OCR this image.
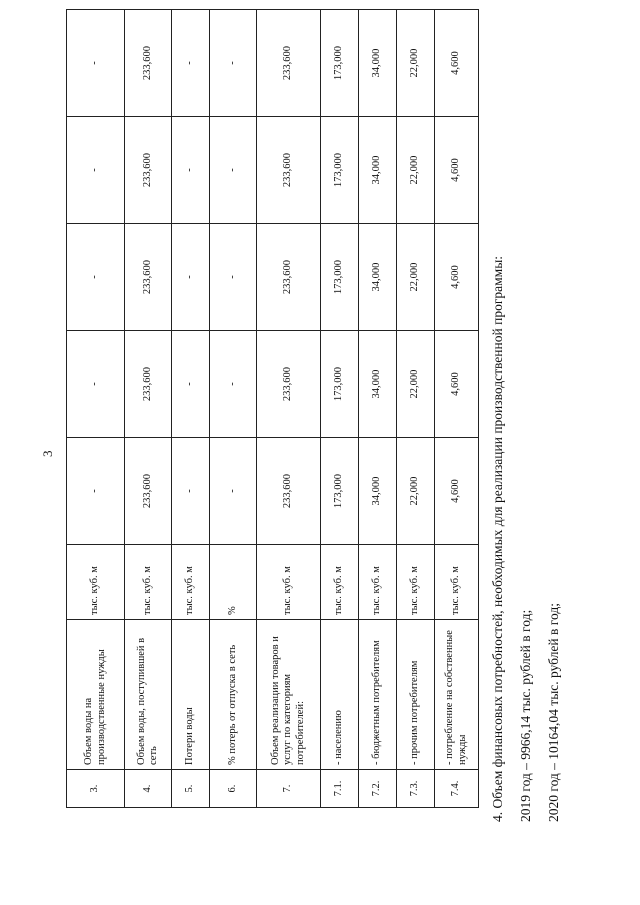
3
3.	Объем воды на производственные нужды	тыс. куб. м	-	-	-	-	-
4.	Объем воды, поступившей в сеть	тыс. куб. м	233,600	233,600	233,600	233,600	233,600
5.	Потери воды	тыс. куб. м	-	-	-	-	-
6.	% потерь от отпуска в сеть	%	-	-	-	-	-
7.	Объем реализации товаров и услуг по категориям потребителей:	тыс. куб. м	233,600	233,600	233,600	233,600	233,600
7.1.	- населению	тыс. куб. м	173,000	173,000	173,000	173,000	173,000
7.2.	- бюджетным потребителям	тыс. куб. м	34,000	34,000	34,000	34,000	34,000
7.3.	- прочим потребителям	тыс. куб. м	22,000	22,000	22,000	22,000	22,000
7.4.	- потребление на собственные нужды	тыс. куб. м	4,600	4,600	4,600	4,600	4,600

4. Объем финансовых потребностей, необходимых для реализации производственной программы: 2019 год – 9966,14 тыс. рублей в год; 2020 год – 10164,04 тыс. рублей в год;
